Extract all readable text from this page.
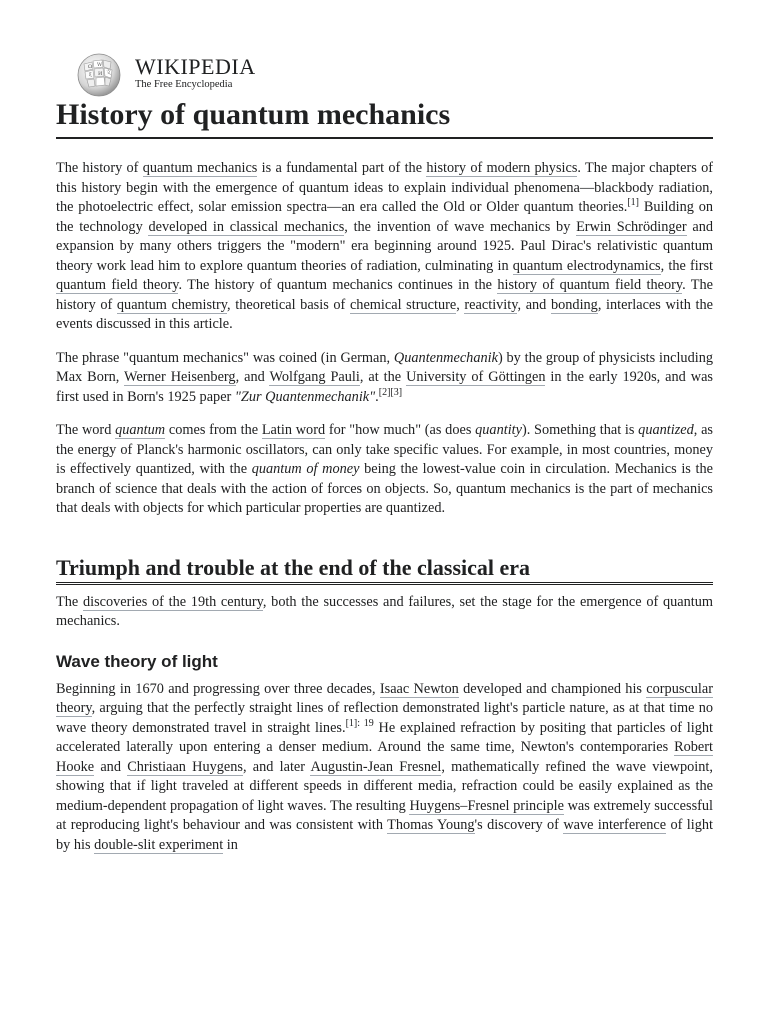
Ω W
И
ξ	文 WIKIPEDIA
The Free Encyclopedia
History of quantum mechanics

The history of quantum mechanics is a fundamental part of the history of modern physics. The major chapters of this history begin with the emergence of quantum ideas to explain individual phenomena—blackbody radiation, the photoelectric effect, solar emission spectra—an era called the Old or Older quantum theories.[1] Building on the technology developed in classical mechanics, the invention of wave mechanics by Erwin Schrödinger and expansion by many others triggers the "modern" era beginning around 1925. Paul Dirac's relativistic quantum theory work lead him to explore quantum theories of radiation, culminating in quantum electrodynamics, the first quantum field theory. The history of quantum mechanics continues in the history of quantum field theory. The history of quantum chemistry, theoretical basis of chemical structure, reactivity, and bonding, interlaces with the events discussed in this article.

The phrase "quantum mechanics" was coined (in German, Quantenmechanik) by the group of physicists including Max Born, Werner Heisenberg, and Wolfgang Pauli, at the University of Göttingen in the early 1920s, and was first used in Born's 1925 paper "Zur Quantenmechanik".[2][3]

The word quantum comes from the Latin word for "how much" (as does quantity). Something that is quantized, as the energy of Planck's harmonic oscillators, can only take specific values. For example, in most countries, money is effectively quantized, with the quantum of money being the lowest-value coin in circulation. Mechanics is the branch of science that deals with the action of forces on objects. So, quantum mechanics is the part of mechanics that deals with objects for which particular properties are quantized.

Triumph and trouble at the end of the classical era

The discoveries of the 19th century, both the successes and failures, set the stage for the emergence of quantum mechanics.

Wave theory of light

Beginning in 1670 and progressing over three decades, Isaac Newton developed and championed his corpuscular theory, arguing that the perfectly straight lines of reflection demonstrated light's particle nature, as at that time no wave theory demonstrated travel in straight lines.$^{[1]: 19}$ He explained refraction by positing that particles of light accelerated laterally upon entering a denser medium. Around the same time, Newton's contemporaries Robert Hooke and Christiaan Huygens, and later Augustin-Jean Fresnel, mathematically refined the wave viewpoint, showing that if light traveled at different speeds in different media, refraction could be easily explained as the medium-dependent propagation of light waves. The resulting Huygens–Fresnel principle was extremely successful at reproducing light's behaviour and was consistent with Thomas Young's discovery of wave interference of light by his double-slit experiment in
